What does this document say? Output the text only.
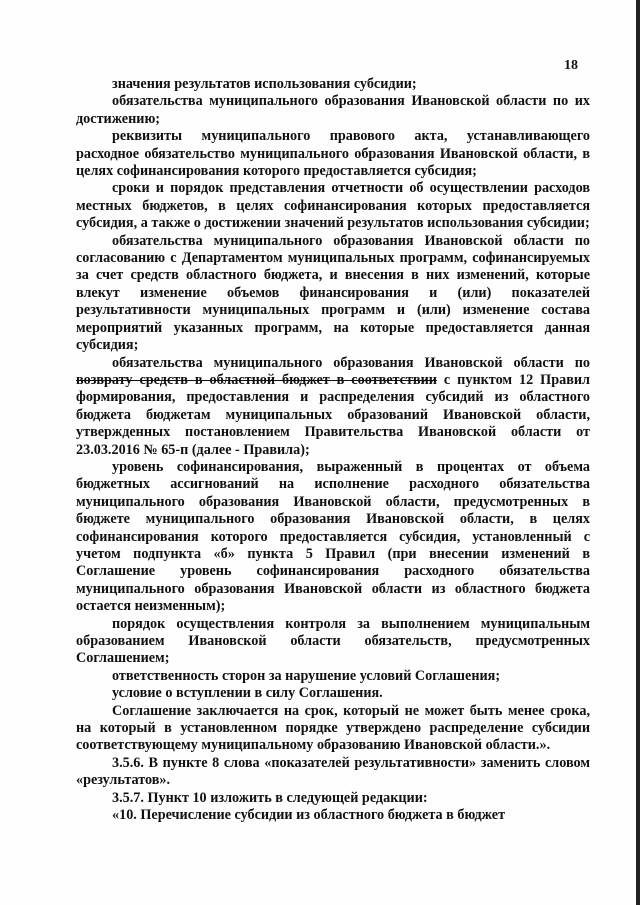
18

значения результатов использования субсидии;

обязательства муниципального образования Ивановской области по их достижению;

реквизиты муниципального правового акта, устанавливающего расходное обязательство муниципального образования Ивановской области, в целях софинансирования которого предоставляется субсидия;

сроки и порядок представления отчетности об осуществлении расходов местных бюджетов, в целях софинансирования которых предоставляется субсидия, а также о достижении значений результатов использования субсидии;

обязательства муниципального образования Ивановской области по согласованию с Департаментом муниципальных программ, софинансируемых за счет средств областного бюджета, и внесения в них изменений, которые влекут изменение объемов финансирования и (или) показателей результативности муниципальных программ и (или) изменение состава мероприятий указанных программ, на которые предоставляется данная субсидия;

обязательства муниципального образования Ивановской области по возврату средств в областной бюджет в соответствии с пунктом 12 Правил формирования, предоставления и распределения субсидий из областного бюджета бюджетам муниципальных образований Ивановской области, утвержденных постановлением Правительства Ивановской области от 23.03.2016 № 65-п (далее - Правила);

уровень софинансирования, выраженный в процентах от объема бюджетных ассигнований на исполнение расходного обязательства муниципального образования Ивановской области, предусмотренных в бюджете муниципального образования Ивановской области, в целях софинансирования которого предоставляется субсидия, установленный с учетом подпункта «б» пункта 5 Правил (при внесении изменений в Соглашение уровень софинансирования расходного обязательства муниципального образования Ивановской области из областного бюджета остается неизменным);

порядок осуществления контроля за выполнением муниципальным образованием Ивановской области обязательств, предусмотренных Соглашением;

ответственность сторон за нарушение условий Соглашения;

условие о вступлении в силу Соглашения.

Соглашение заключается на срок, который не может быть менее срока, на который в установленном порядке утверждено распределение субсидии соответствующему муниципальному образованию Ивановской области.».

3.5.6. В пункте 8 слова «показателей результативности» заменить словом «результатов».

3.5.7. Пункт 10 изложить в следующей редакции:

«10. Перечисление субсидии из областного бюджета в бюджет
